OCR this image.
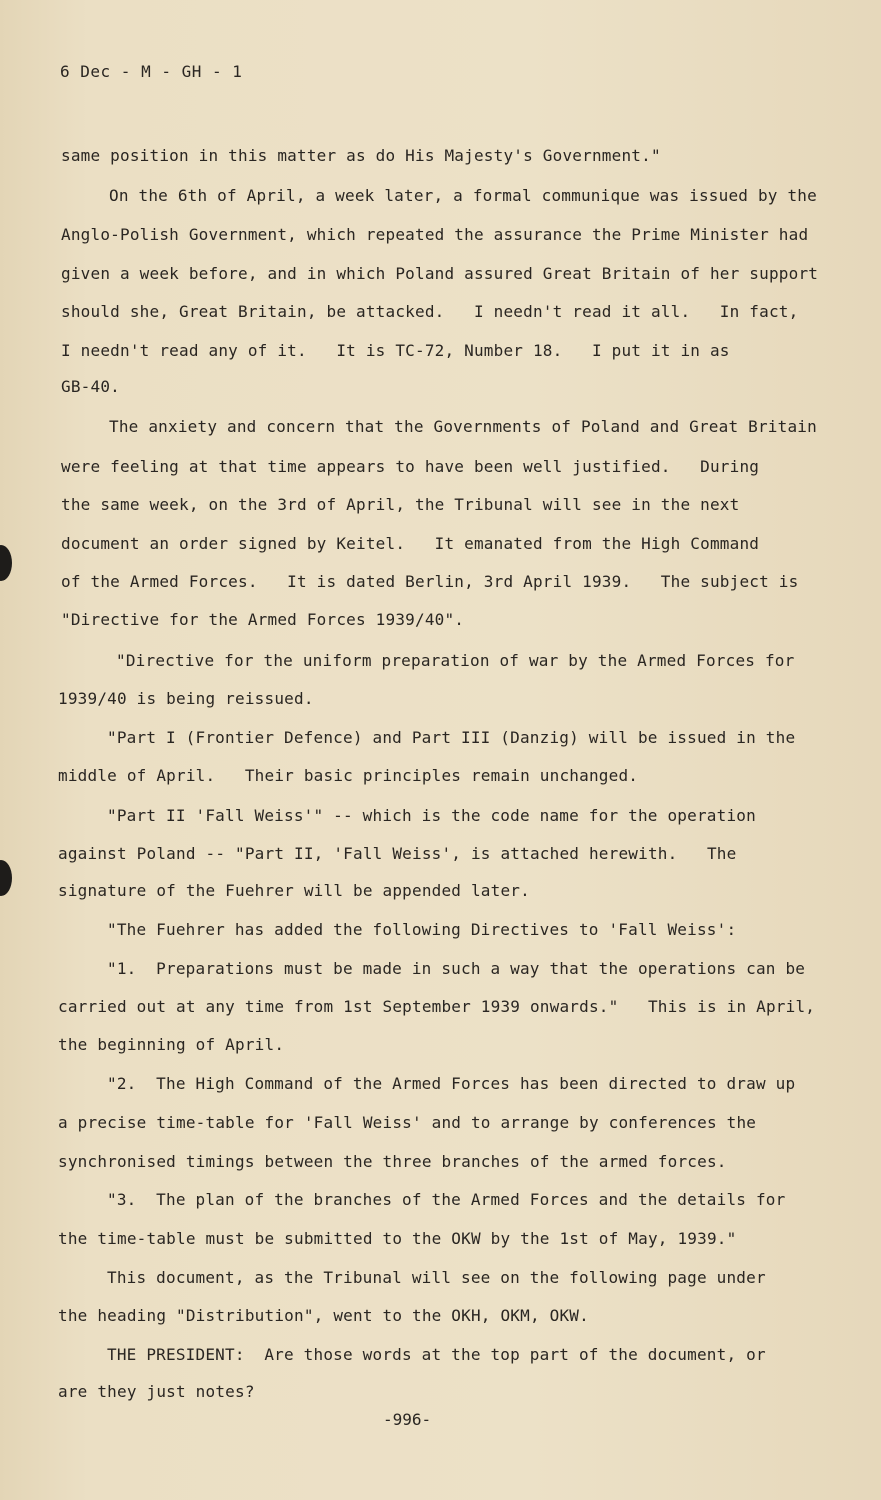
6 Dec - M - GH - 1
same position in this matter as do His Majesty's Government."
On the 6th of April, a week later, a formal communique was issued by the
Anglo-Polish Government, which repeated the assurance the Prime Minister had
given a week before, and in which Poland assured Great Britain of her support
should she, Great Britain, be attacked.   I needn't read it all.   In fact,
I needn't read any of it.   It is TC-72, Number 18.   I put it in as
GB-40.
The anxiety and concern that the Governments of Poland and Great Britain
were feeling at that time appears to have been well justified.   During
the same week, on the 3rd of April, the Tribunal will see in the next
document an order signed by Keitel.   It emanated from the High Command
of the Armed Forces.   It is dated Berlin, 3rd April 1939.   The subject is
"Directive for the Armed Forces 1939/40".
"Directive for the uniform preparation of war by the Armed Forces for
1939/40 is being reissued.
"Part I (Frontier Defence) and Part III (Danzig) will be issued in the
middle of April.   Their basic principles remain unchanged.
"Part II 'Fall Weiss'" -- which is the code name for the operation
against Poland -- "Part II, 'Fall Weiss', is attached herewith.   The
signature of the Fuehrer will be appended later.
"The Fuehrer has added the following Directives to 'Fall Weiss':
"1.  Preparations must be made in such a way that the operations can be
carried out at any time from 1st September 1939 onwards."   This is in April,
the beginning of April.
"2.  The High Command of the Armed Forces has been directed to draw up
a precise time-table for 'Fall Weiss' and to arrange by conferences the
synchronised timings between the three branches of the armed forces.
"3.  The plan of the branches of the Armed Forces and the details for
the time-table must be submitted to the OKW by the 1st of May, 1939."
This document, as the Tribunal will see on the following page under
the heading "Distribution", went to the OKH, OKM, OKW.
THE PRESIDENT:  Are those words at the top part of the document, or
are they just notes?
-996-
